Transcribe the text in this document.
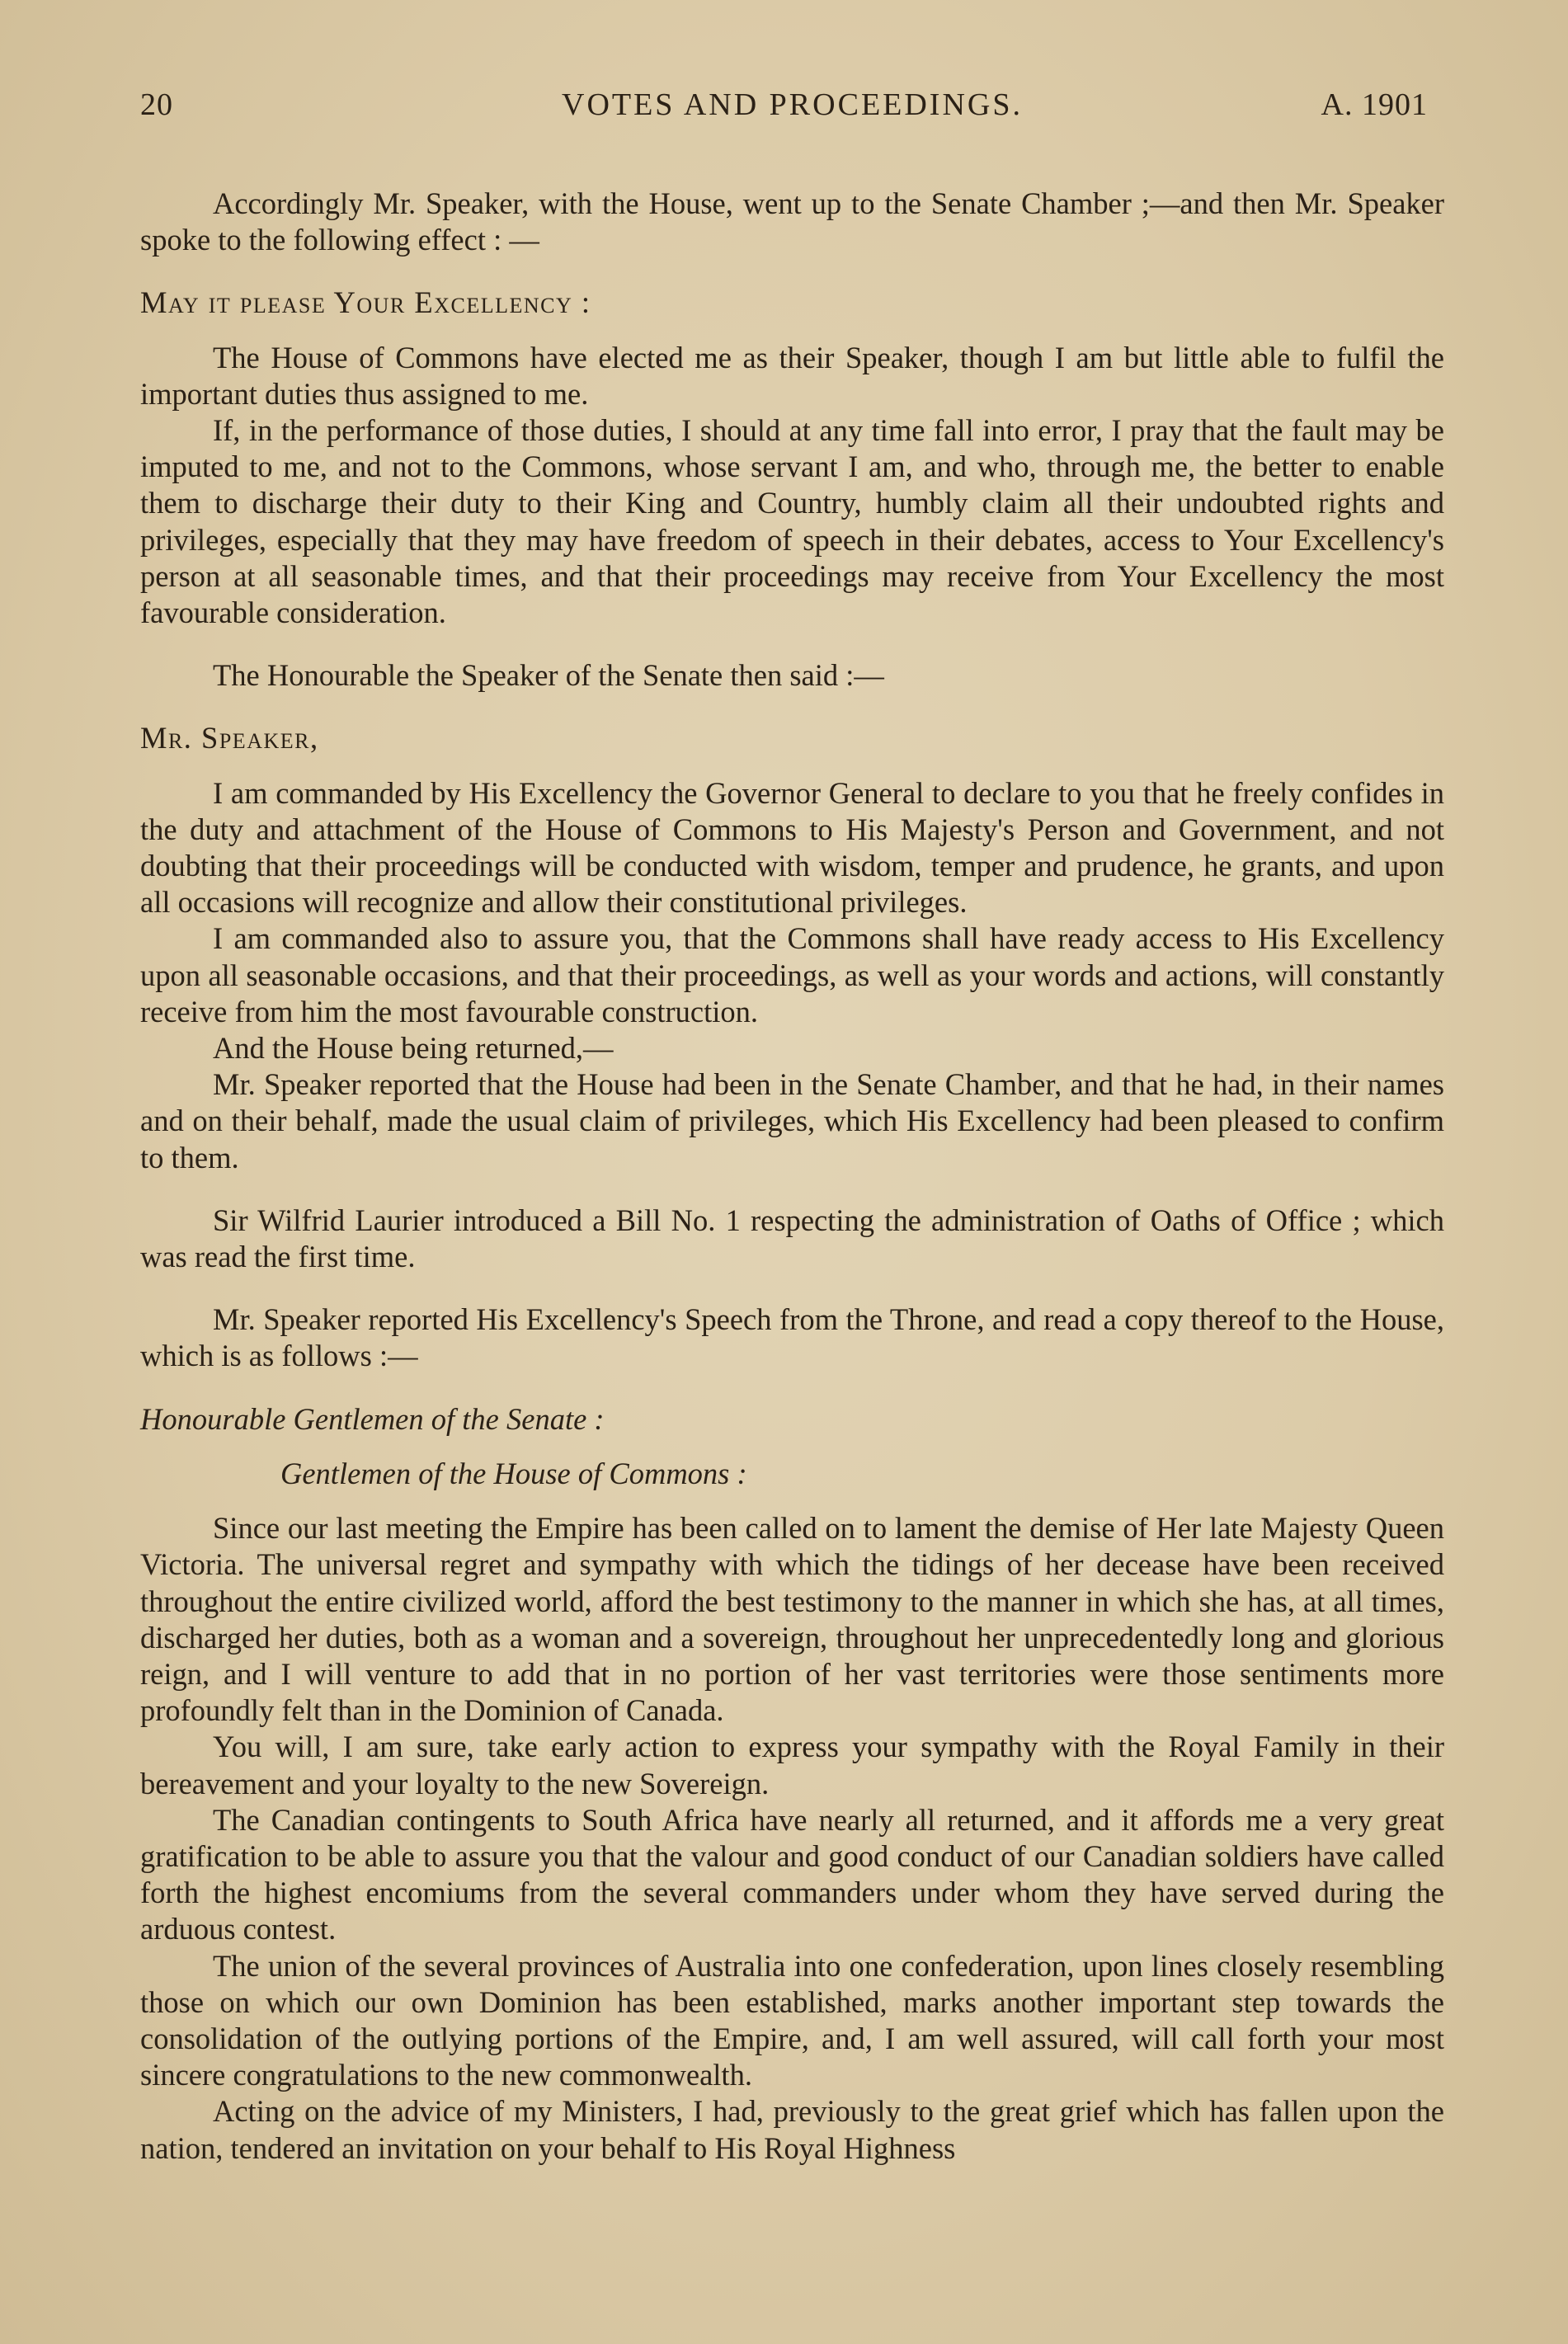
20	VOTES AND PROCEEDINGS.	A. 1901

Accordingly Mr. Speaker, with the House, went up to the Senate Chamber ;—and then Mr. Speaker spoke to the following effect : —

May it please Your Excellency :

The House of Commons have elected me as their Speaker, though I am but little able to fulfil the important duties thus assigned to me.

If, in the performance of those duties, I should at any time fall into error, I pray that the fault may be imputed to me, and not to the Commons, whose servant I am, and who, through me, the better to enable them to discharge their duty to their King and Country, humbly claim all their undoubted rights and privileges, especially that they may have freedom of speech in their debates, access to Your Excellency's person at all seasonable times, and that their proceedings may receive from Your Excellency the most favourable consideration.

The Honourable the Speaker of the Senate then said :—

Mr. Speaker,

I am commanded by His Excellency the Governor General to declare to you that he freely confides in the duty and attachment of the House of Commons to His Majesty's Person and Government, and not doubting that their proceedings will be conducted with wisdom, temper and prudence, he grants, and upon all occasions will recognize and allow their constitutional privileges.

I am commanded also to assure you, that the Commons shall have ready access to His Excellency upon all seasonable occasions, and that their proceedings, as well as your words and actions, will constantly receive from him the most favourable construction.

And the House being returned,—

Mr. Speaker reported that the House had been in the Senate Chamber, and that he had, in their names and on their behalf, made the usual claim of privileges, which His Excellency had been pleased to confirm to them.

Sir Wilfrid Laurier introduced a Bill No. 1 respecting the administration of Oaths of Office ; which was read the first time.

Mr. Speaker reported His Excellency's Speech from the Throne, and read a copy thereof to the House, which is as follows :—

Honourable Gentlemen of the Senate :

Gentlemen of the House of Commons :

Since our last meeting the Empire has been called on to lament the demise of Her late Majesty Queen Victoria. The universal regret and sympathy with which the tidings of her decease have been received throughout the entire civilized world, afford the best testimony to the manner in which she has, at all times, discharged her duties, both as a woman and a sovereign, throughout her unprecedentedly long and glorious reign, and I will venture to add that in no portion of her vast territories were those sentiments more profoundly felt than in the Dominion of Canada.

You will, I am sure, take early action to express your sympathy with the Royal Family in their bereavement and your loyalty to the new Sovereign.

The Canadian contingents to South Africa have nearly all returned, and it affords me a very great gratification to be able to assure you that the valour and good conduct of our Canadian soldiers have called forth the highest encomiums from the several commanders under whom they have served during the arduous contest.

The union of the several provinces of Australia into one confederation, upon lines closely resembling those on which our own Dominion has been established, marks another important step towards the consolidation of the outlying portions of the Empire, and, I am well assured, will call forth your most sincere congratulations to the new commonwealth.

Acting on the advice of my Ministers, I had, previously to the great grief which has fallen upon the nation, tendered an invitation on your behalf to His Royal Highness
